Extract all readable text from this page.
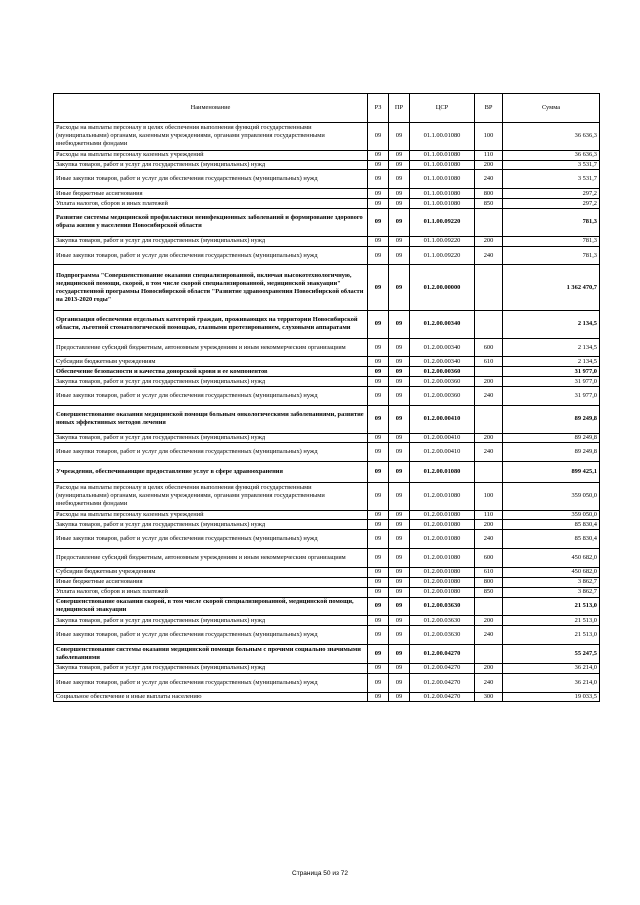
Наименование	РЗ	ПР	ЦСР	ВР	Сумма
Расходы на выплаты персоналу в целях обеспечения выполнения функций государственными (муниципальными) органами, казенными учреждениями, органами управления государственными внебюджетными фондами	09	09	01.1.00.01080	100	36 636,3
Расходы на выплаты персоналу казенных учреждений	09	09	01.1.00.01080	110	36 636,3
Закупка товаров, работ и услуг для государственных (муниципальных) нужд	09	09	01.1.00.01080	200	3 531,7
Иные закупки товаров, работ и услуг для обеспечения государственных (муниципальных) нужд	09	09	01.1.00.01080	240	3 531,7
Иные бюджетные ассигнования	09	09	01.1.00.01080	800	297,2
Уплата налогов, сборов и иных платежей	09	09	01.1.00.01080	850	297,2
Развитие системы медицинской профилактики неинфекционных заболеваний и формирование здорового образа жизни у населения Новосибирской области	09	09	01.1.00.09220		781,3
Закупка товаров, работ и услуг для государственных (муниципальных) нужд	09	09	01.1.00.09220	200	781,3
Иные закупки товаров, работ и услуг для обеспечения государственных (муниципальных) нужд	09	09	01.1.00.09220	240	781,3
Подпрограмма "Совершенствование оказания специализированной, включая высокотехнологичную, медицинской помощи, скорой, в том числе скорой специализированной, медицинской эвакуации" государственной программы Новосибирской области "Развитие здравоохранения Новосибирской области на 2013-2020 годы"	09	09	01.2.00.00000		1 362 470,7
Организация обеспечения отдельных категорий граждан, проживающих на территории Новосибирской области, льготной стоматологической помощью, глазными протезированием, слуховыми аппаратами	09	09	01.2.00.00340		2 134,5
Предоставление субсидий бюджетным, автономным учреждениям и иным некоммерческим организациям	09	09	01.2.00.00340	600	2 134,5
Субсидии бюджетным учреждениям	09	09	01.2.00.00340	610	2 134,5
Обеспечение безопасности и качества донорской крови и ее компонентов	09	09	01.2.00.00360		31 977,0
Закупка товаров, работ и услуг для государственных (муниципальных) нужд	09	09	01.2.00.00360	200	31 977,0
Иные закупки товаров, работ и услуг для обеспечения государственных (муниципальных) нужд	09	09	01.2.00.00360	240	31 977,0
Совершенствование оказания медицинской помощи больным онкологическими заболеваниями, развитие новых эффективных методов лечения	09	09	01.2.00.00410		89 249,8
Закупка товаров, работ и услуг для государственных (муниципальных) нужд	09	09	01.2.00.00410	200	89 249,8
Иные закупки товаров, работ и услуг для обеспечения государственных (муниципальных) нужд	09	09	01.2.00.00410	240	89 249,8
Учреждения, обеспечивающие предоставление услуг в сфере здравоохранения	09	09	01.2.00.01080		899 425,1
Расходы на выплаты персоналу в целях обеспечения выполнения функций государственными (муниципальными) органами, казенными учреждениями, органами управления государственными внебюджетными фондами	09	09	01.2.00.01080	100	359 050,0
Расходы на выплаты персоналу казенных учреждений	09	09	01.2.00.01080	110	359 050,0
Закупка товаров, работ и услуг для государственных (муниципальных) нужд	09	09	01.2.00.01080	200	85 830,4
Иные закупки товаров, работ и услуг для обеспечения государственных (муниципальных) нужд	09	09	01.2.00.01080	240	85 830,4
Предоставление субсидий бюджетным, автономным учреждениям и иным некоммерческим организациям	09	09	01.2.00.01080	600	450 682,0
Субсидии бюджетным учреждениям	09	09	01.2.00.01080	610	450 682,0
Иные бюджетные ассигнования	09	09	01.2.00.01080	800	3 862,7
Уплата налогов, сборов и иных платежей	09	09	01.2.00.01080	850	3 862,7
Совершенствование оказания скорой, в том числе скорой специализированной, медицинской помощи, медицинской эвакуации	09	09	01.2.00.03630		21 513,0
Закупка товаров, работ и услуг для государственных (муниципальных) нужд	09	09	01.2.00.03630	200	21 513,0
Иные закупки товаров, работ и услуг для обеспечения государственных (муниципальных) нужд	09	09	01.2.00.03630	240	21 513,0
Совершенствование системы оказания медицинской помощи больным с прочими социально значимыми заболеваниями	09	09	01.2.00.04270		55 247,5
Закупка товаров, работ и услуг для государственных (муниципальных) нужд	09	09	01.2.00.04270	200	36 214,0
Иные закупки товаров, работ и услуг для обеспечения государственных (муниципальных) нужд	09	09	01.2.00.04270	240	36 214,0
Социальное обеспечение и иные выплаты населению	09	09	01.2.00.04270	300	19 033,5
Страница 50 из 72
